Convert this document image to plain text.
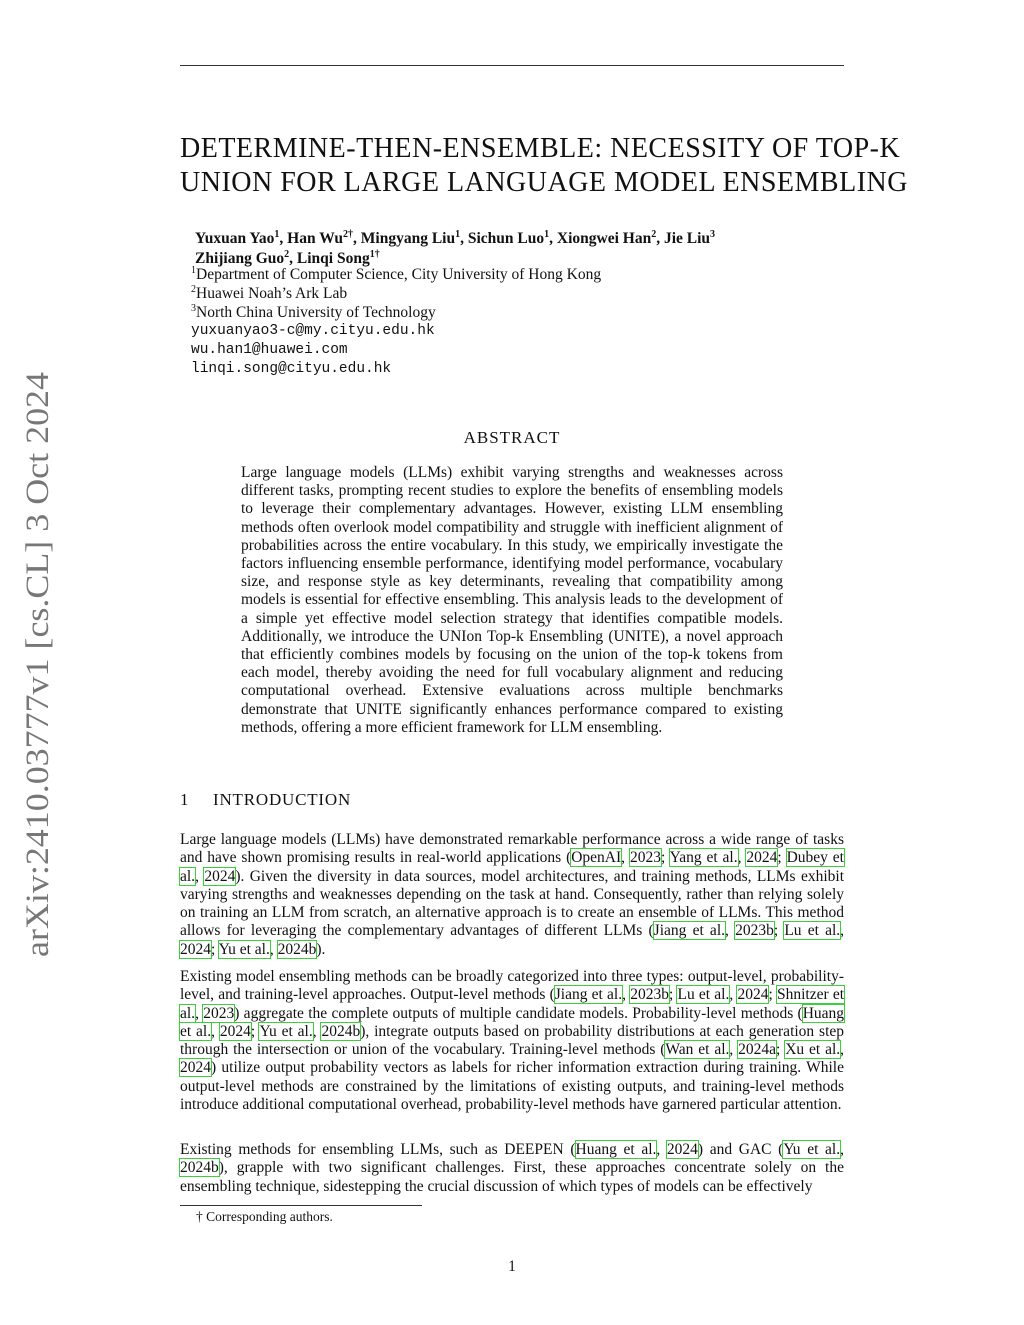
arXiv:2410.03777v1 [cs.CL] 3 Oct 2024
DETERMINE-THEN-ENSEMBLE: NECESSITY OF TOP-K
UNION FOR LARGE LANGUAGE MODEL ENSEMBLING
Yuxuan Yao$^1$, Han $Wu^{2\dagger}$, Mingyang Liu$^1$, Sichun Luo$^1$, Xiongwei Han$^2$, Jie Liu$^3$
Zhijiang Guo$^2$, Linqi Song$^{1\dagger}$
$^1$Department of Computer Science, City University of Hong Kong
$^2$Huawei Noah’s Ark Lab
$^3$North China University of Technology
yuxuanyao3-c@my.cityu.edu.hk
wu.han1@huawei.com
linqi.song@cityu.edu.hk
ABSTRACT
Large language models (LLMs) exhibit varying strengths and weaknesses across different tasks, prompting recent studies to explore the benefits of ensembling models to leverage their complementary advantages. However, existing LLM ensembling methods often overlook model compatibility and struggle with inefficient alignment of probabilities across the entire vocabulary. In this study, we empirically investigate the factors influencing ensemble performance, identifying model performance, vocabulary size, and response style as key determinants, revealing that compatibility among models is essential for effective ensembling. This analysis leads to the development of a simple yet effective model selection strategy that identifies compatible models. Additionally, we introduce the UNIon Top-k Ensembling (UNITE), a novel approach that efficiently combines models by focusing on the union of the top-k tokens from each model, thereby avoiding the need for full vocabulary alignment and reducing computational overhead. Extensive evaluations across multiple benchmarks demonstrate that UNITE significantly enhances performance compared to existing methods, offering a more efficient framework for LLM ensembling.
1 INTRODUCTION
Large language models (LLMs) have demonstrated remarkable performance across a wide range of tasks and have shown promising results in real-world applications (OpenAI, 2023; Yang et al., 2024; Dubey et al., 2024). Given the diversity in data sources, model architectures, and training methods, LLMs exhibit varying strengths and weaknesses depending on the task at hand. Consequently, rather than relying solely on training an LLM from scratch, an alternative approach is to create an ensemble of LLMs. This method allows for leveraging the complementary advantages of different LLMs (Jiang et al., 2023b; Lu et al., 2024; Yu et al., 2024b).
Existing model ensembling methods can be broadly categorized into three types: output-level, probability-level, and training-level approaches. Output-level methods (Jiang et al., 2023b; Lu et al., 2024; Shnitzer et al., 2023) aggregate the complete outputs of multiple candidate models. Probability-level methods (Huang et al., 2024; Yu et al., 2024b), integrate outputs based on probability distributions at each generation step through the intersection or union of the vocabulary. Training-level methods (Wan et al., 2024a; Xu et al., 2024) utilize output probability vectors as labels for richer information extraction during training. While output-level methods are constrained by the limitations of existing outputs, and training-level methods introduce additional computational overhead, probability-level methods have garnered particular attention.
Existing methods for ensembling LLMs, such as DEEPEN (Huang et al., 2024) and GAC (Yu et al., 2024b), grapple with two significant challenges. First, these approaches concentrate solely on the ensembling technique, sidestepping the crucial discussion of which types of models can be effectively
† Corresponding authors.
1
